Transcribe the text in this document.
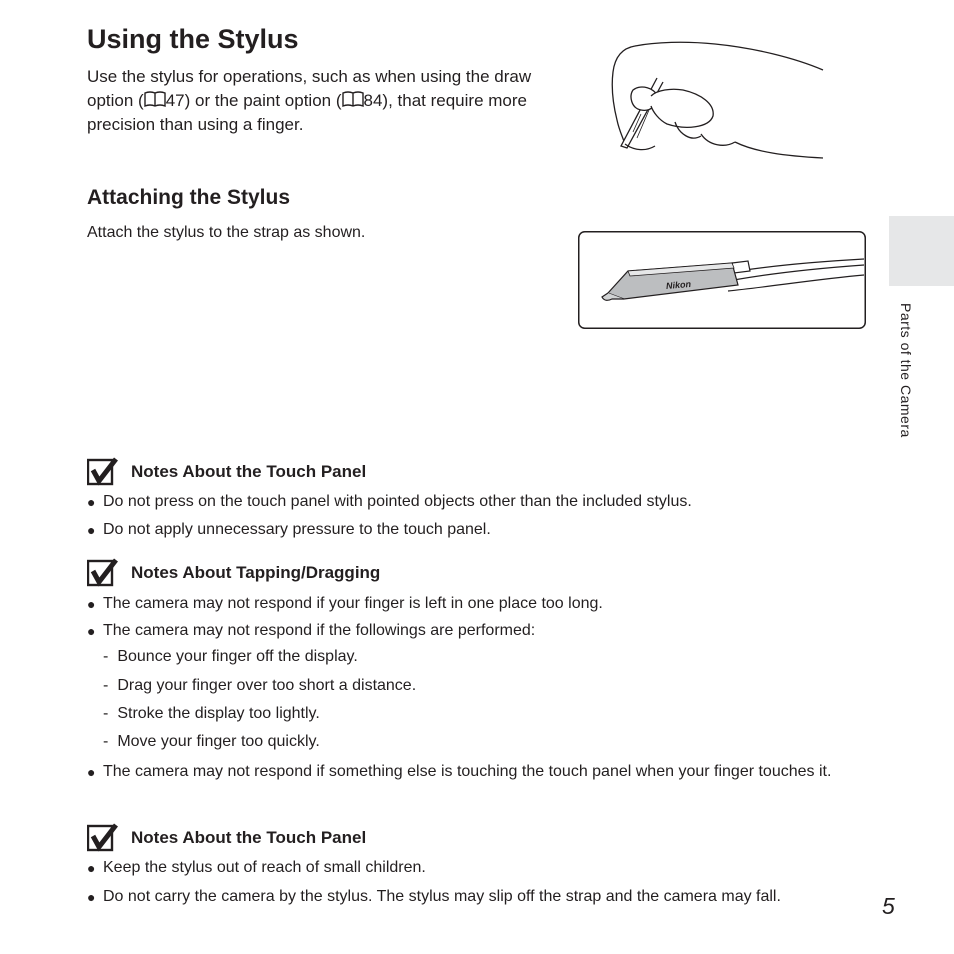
Using the Stylus
Use the stylus for operations, such as when using the draw option ( 47) or the paint option ( 84), that require more precision than using a finger.
Attaching the Stylus
Attach the stylus to the strap as shown.
Nikon
Notes About the Touch Panel
● Do not press on the touch panel with pointed objects other than the included stylus.
● Do not apply unnecessary pressure to the touch panel.
Notes About Tapping/Dragging
● The camera may not respond if your finger is left in one place too long.
● The camera may not respond if the followings are performed:
- Bounce your finger off the display.
- Drag your finger over too short a distance.
- Stroke the display too lightly.
- Move your finger too quickly.
● The camera may not respond if something else is touching the touch panel when your finger touches it.
Notes About the Touch Panel
● Keep the stylus out of reach of small children.
● Do not carry the camera by the stylus. The stylus may slip off the strap and the camera may fall.
Parts of the Camera
5
